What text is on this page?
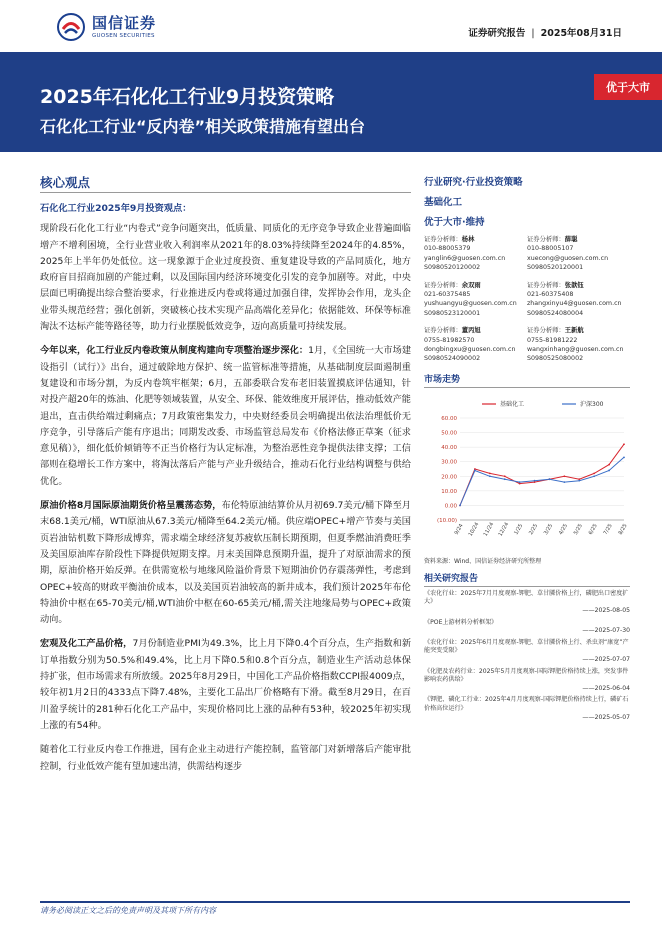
国信证券
GUOSEN SECURITIES	证券研究报告 | 2025年08月31日
2025年石化化工行业9月投资策略
石化化工行业“反内卷”相关政策措施有望出台
优于大市
核心观点
石化化工行业2025年9月投资观点：

现阶段石化化工行业“内卷式”竞争问题突出，低质量、同质化的无序竞争导致企业普遍面临增产不增利困境，全行业营业收入利润率从2021年的8.03%持续降至2024年的4.85%，2025年上半年仍处低位。这一现象源于企业过度投资、重复建设导致的产品同质化，地方政府盲目招商加剧的产能过剩，以及国际国内经济环境变化引发的竞争加剧等。对此，中央层面已明确提出综合整治要求，行业推进反内卷或将通过加强自律，发挥协会作用，龙头企业带头规范经营；强化创新，突破核心技术实现产品高端化差异化；依据能效、环保等标准淘汰不达标产能等路径等，助力行业摆脱低效竞争，迈向高质量可持续发展。

今年以来，化工行业反内卷政策从制度构建向专项整治逐步深化：1月，《全国统一大市场建设指引（试行）》出台，通过破除地方保护、统一监管标准等措施，从基础制度层面遏制重复建设和市场分割，为反内卷筑牢框架；6月，五部委联合发布老旧装置摸底评估通知，针对投产超20年的炼油、化肥等领域装置，从安全、环保、能效维度开展评估，推动低效产能退出，直击供给端过剩痛点；7月政策密集发力，中央财经委员会明确提出依法治理低价无序竞争，引导落后产能有序退出；同期发改委、市场监管总局发布《价格法修正草案（征求意见稿）》，细化低价倾销等不正当价格行为认定标准，为整治恶性竞争提供法律支撑；工信部则在稳增长工作方案中，将淘汰落后产能与产业升级结合，推动石化行业结构调整与供给优化。

原油价格8月国际原油期货价格呈震荡态势，布伦特原油结算价从月初69.7美元/桶下降至月末68.1美元/桶，WTI原油从67.3美元/桶降至64.2美元/桶。供应端OPEC+增产节奏与美国页岩油钻机数下降形成博弈，需求端全球经济复苏疲软压制长期预期，但夏季燃油消费旺季及美国原油库存阶段性下降提供短期支撑。月末美国降息预期升温，提升了对原油需求的预期，原油价格开始反弹。在供需宽松与地缘风险溢价背景下短期油价仍存震荡弹性，考虑到OPEC+较高的财政平衡油价成本，以及美国页岩油较高的新井成本，我们预计2025年布伦特油价中枢在65-70美元/桶,WTI油价中枢在60-65美元/桶,需关注地缘局势与OPEC+政策动向。

宏观及化工产品价格，7月份制造业PMI为49.3%，比上月下降0.4个百分点，生产指数和新订单指数分别为50.5%和49.4%，比上月下降0.5和0.8个百分点，制造业生产活动总体保持扩张，但市场需求有所放缓。2025年8月29日，中国化工产品价格指数CCPI报4009点，较年初1月2日的4333点下降7.48%，主要化工品出厂价格略有下滑。截至8月29日，在百川盈孚统计的281种石化化工产品中，实现价格同比上涨的品种有53种，较2025年初实现上涨的有54种。

随着化工行业反内卷工作推进，国有企业主动进行产能控制，监管部门对新增落后产能审批控制，行业低效产能有望加速出清，供需结构逐步

行业研究·行业投资策略
基础化工
优于大市·维持
证券分析师：杨林
010-88005379
yanglin6@guosen.com.cn
S0980520120002
证券分析师：薛聪
010-88005107
xuecong@guosen.com.cn
S0980520120001
证券分析师：余双雨
021-60375485
yushuangyu@guosen.com.cn
S0980523120001
证券分析师：张歆钰
021-60375408
zhangxinyu4@guosen.com.cn
S0980524080004
证券分析师：董丙旭
0755-81982570
dongbingxu@guosen.com.cn
S0980524090002
证券分析师：王新航
0755-81981222
wangxinhang@guosen.com.cn
S0980525080002
市场走势
(10.00)
0.00
10.00
20.00
30.00
40.00
50.00
60.00
9/24 10/24 11/24 12/24 1/25 2/25 3/25 4/25 5/25 6/25 7/25 8/25
基础化工	沪深300
资料来源：Wind、国信证券经济研究所整理
相关研究报告
《农化行业：2025年7月月度观察-钾肥、草甘膦价格上行，磷肥出口密度扩大》
——2025-08-05
《POE上游材料分析框架》
——2025-07-30
《农化行业：2025年6月月度观察-钾肥、草甘膦价格上行、杀虫剂“康宽”产能突变受限》
——2025-07-07
《化肥及农药行业：2025年5月月度观察-国际钾肥价格持续上涨，突发事件影响农药供给》
——2025-06-04
《钾肥、磷化工行业：2025年4月月度观察-国际钾肥价格持续上行，磷矿石价格高位运行》
——2025-05-07
请务必阅读正文之后的免责声明及其项下所有内容
